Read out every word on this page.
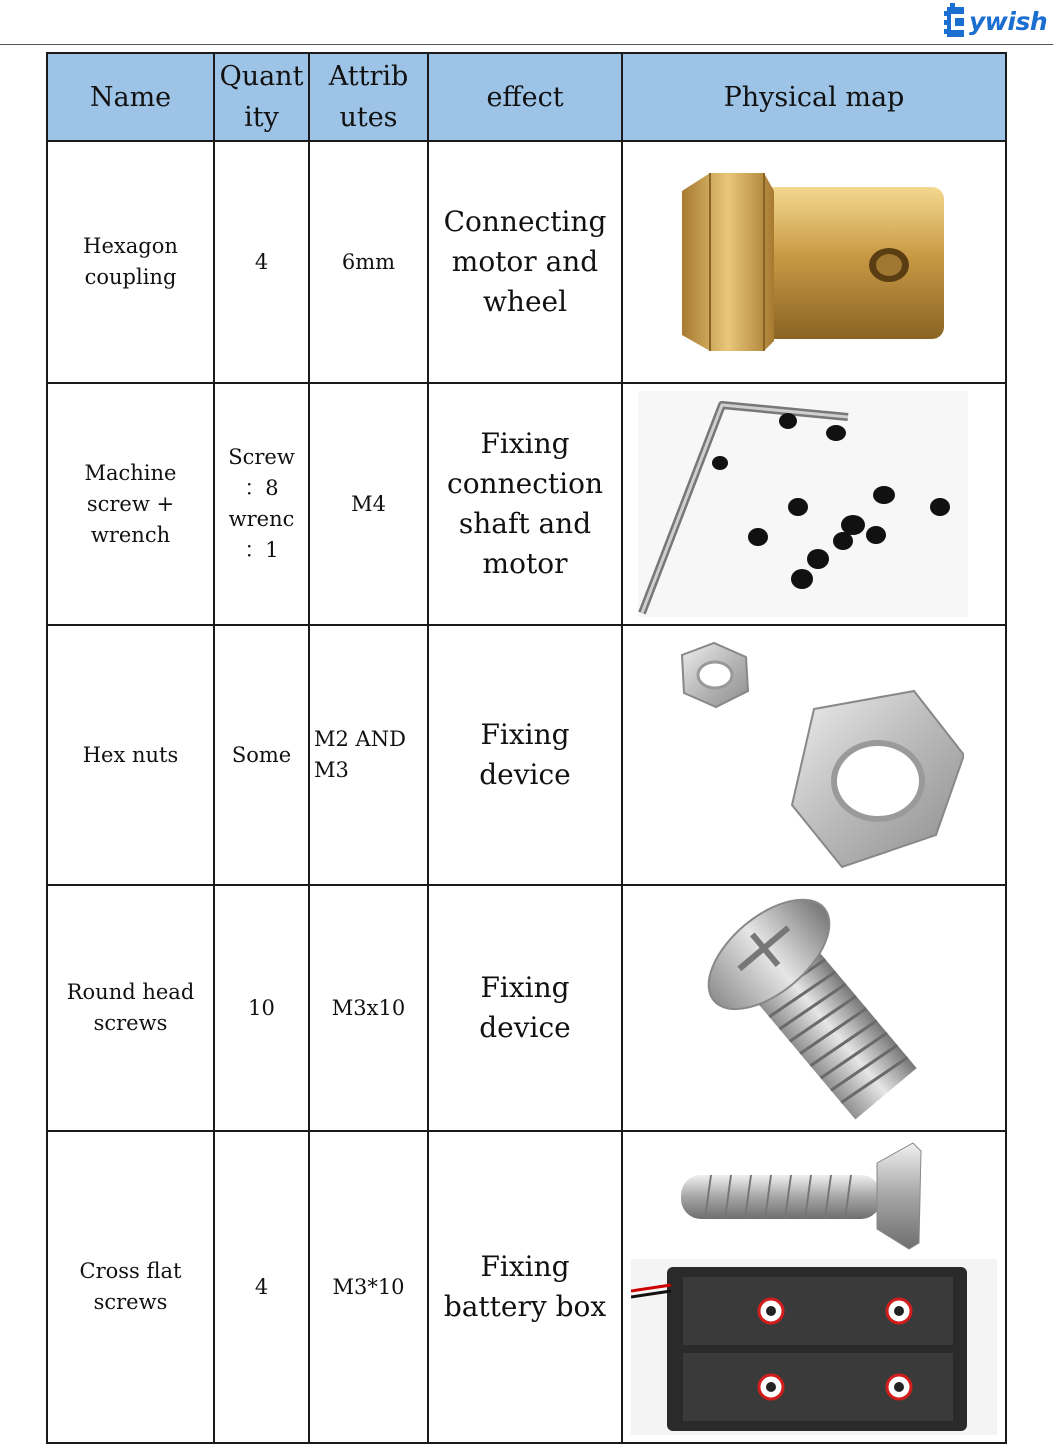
ywish
Name	Quant ity	Attrib utes	effect	Physical map
Hexagon coupling	4	6mm	Connecting motor and wheel	

Machine screw + wrench	Screw ：8 wrenc ：1	M4	Fixing connection shaft and motor	

Hex nuts	Some	M2 AND M3	Fixing device	

Round head screws	10	M3x10	Fixing device	

Cross flat screws	4	M3*10	Fixing battery box	
